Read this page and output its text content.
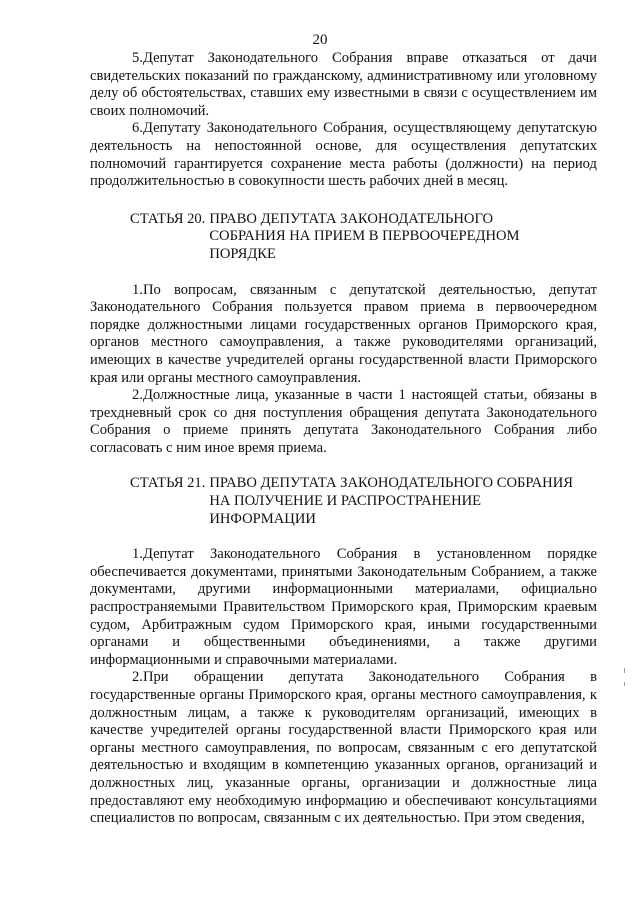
20

5.Депутат Законодательного Собрания вправе отказаться от дачи свидетельских показаний по гражданскому, административному или уголовному делу об обстоятельствах, ставших ему известными в связи с осуществлением им своих полномочий.

6.Депутату Законодательного Собрания, осуществляющему депутатскую деятельность на непостоянной основе, для осуществления депутатских полномочий гарантируется сохранение места работы (должности) на период продолжительностью в совокупности шесть рабочих дней в месяц.

СТАТЬЯ 20. ПРАВО ДЕПУТАТА ЗАКОНОДАТЕЛЬНОГО СОБРАНИЯ НА ПРИЕМ В ПЕРВООЧЕРЕДНОМ ПОРЯДКЕ

1.По вопросам, связанным с депутатской деятельностью, депутат Законодательного Собрания пользуется правом приема в первоочередном порядке должностными лицами государственных органов Приморского края, органов местного самоуправления, а также руководителями организаций, имеющих в качестве учредителей органы государственной власти Приморского края или органы местного самоуправления.

2.Должностные лица, указанные в части 1 настоящей статьи, обязаны в трехдневный срок со дня поступления обращения депутата Законодательного Собрания о приеме принять депутата Законодательного Собрания либо согласовать с ним иное время приема.

СТАТЬЯ 21. ПРАВО ДЕПУТАТА ЗАКОНОДАТЕЛЬНОГО СОБРАНИЯ НА ПОЛУЧЕНИЕ И РАСПРОСТРАНЕНИЕ ИНФОРМАЦИИ

1.Депутат Законодательного Собрания в установленном порядке обеспечивается документами, принятыми Законодательным Собранием, а также документами, другими информационными материалами, официально распространяемыми Правительством Приморского края, Приморским краевым судом, Арбитражным судом Приморского края, иными государственными органами и общественными объединениями, а также другими информационными и справочными материалами.

2.При обращении депутата Законодательного Собрания в государственные органы Приморского края, органы местного самоуправления, к должностным лицам, а также к руководителям организаций, имеющих в качестве учредителей органы государственной власти Приморского края или органы местного самоуправления, по вопросам, связанным с его депутатской деятельностью и входящим в компетенцию указанных органов, организаций и должностных лиц, указанные органы, организации и должностные лица предоставляют ему необходимую информацию и обеспечивают консультациями специалистов по вопросам, связанным с их деятельностью. При этом сведения,
